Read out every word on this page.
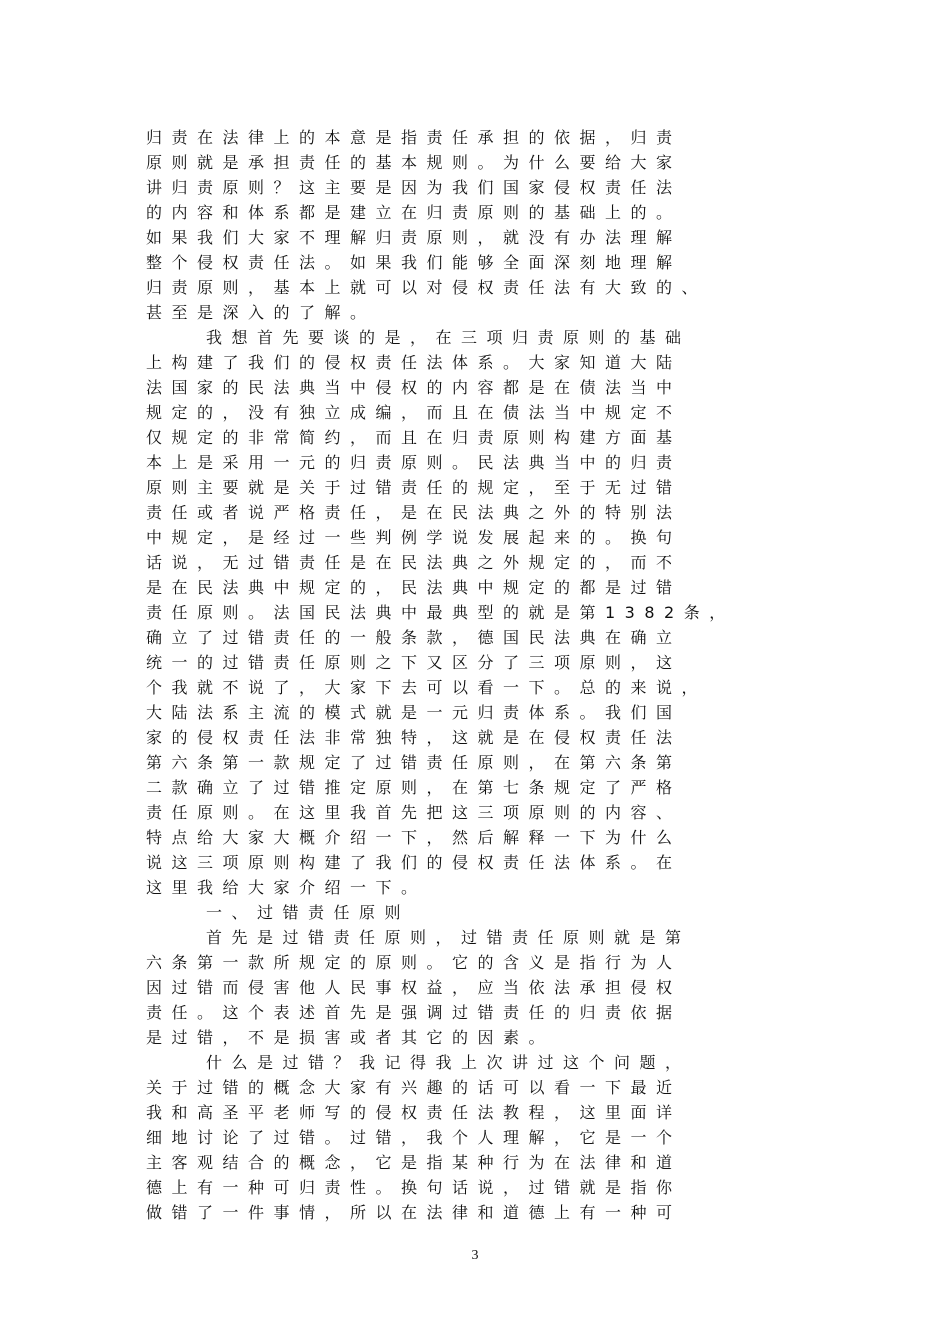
归责在法律上的本意是指责任承担的依据，归责
原则就是承担责任的基本规则。为什么要给大家
讲归责原则？这主要是因为我们国家侵权责任法
的内容和体系都是建立在归责原则的基础上的。
如果我们大家不理解归责原则，就没有办法理解
整个侵权责任法。如果我们能够全面深刻地理解
归责原则，基本上就可以对侵权责任法有大致的、
甚至是深入的了解。
我想首先要谈的是，在三项归责原则的基础
上构建了我们的侵权责任法体系。大家知道大陆
法国家的民法典当中侵权的内容都是在债法当中
规定的，没有独立成编，而且在债法当中规定不
仅规定的非常简约，而且在归责原则构建方面基
本上是采用一元的归责原则。民法典当中的归责
原则主要就是关于过错责任的规定，至于无过错
责任或者说严格责任，是在民法典之外的特别法
中规定，是经过一些判例学说发展起来的。换句
话说，无过错责任是在民法典之外规定的，而不
是在民法典中规定的，民法典中规定的都是过错
责任原则。法国民法典中最典型的就是第1382条，
确立了过错责任的一般条款，德国民法典在确立
统一的过错责任原则之下又区分了三项原则，这
个我就不说了，大家下去可以看一下。总的来说，
大陆法系主流的模式就是一元归责体系。我们国
家的侵权责任法非常独特，这就是在侵权责任法
第六条第一款规定了过错责任原则，在第六条第
二款确立了过错推定原则，在第七条规定了严格
责任原则。在这里我首先把这三项原则的内容、
特点给大家大概介绍一下，然后解释一下为什么
说这三项原则构建了我们的侵权责任法体系。在
这里我给大家介绍一下。
一、过错责任原则
首先是过错责任原则，过错责任原则就是第
六条第一款所规定的原则。它的含义是指行为人
因过错而侵害他人民事权益，应当依法承担侵权
责任。这个表述首先是强调过错责任的归责依据
是过错，不是损害或者其它的因素。
什么是过错？我记得我上次讲过这个问题，
关于过错的概念大家有兴趣的话可以看一下最近
我和高圣平老师写的侵权责任法教程，这里面详
细地讨论了过错。过错，我个人理解，它是一个
主客观结合的概念，它是指某种行为在法律和道
德上有一种可归责性。换句话说，过错就是指你
做错了一件事情，所以在法律和道德上有一种可
3
